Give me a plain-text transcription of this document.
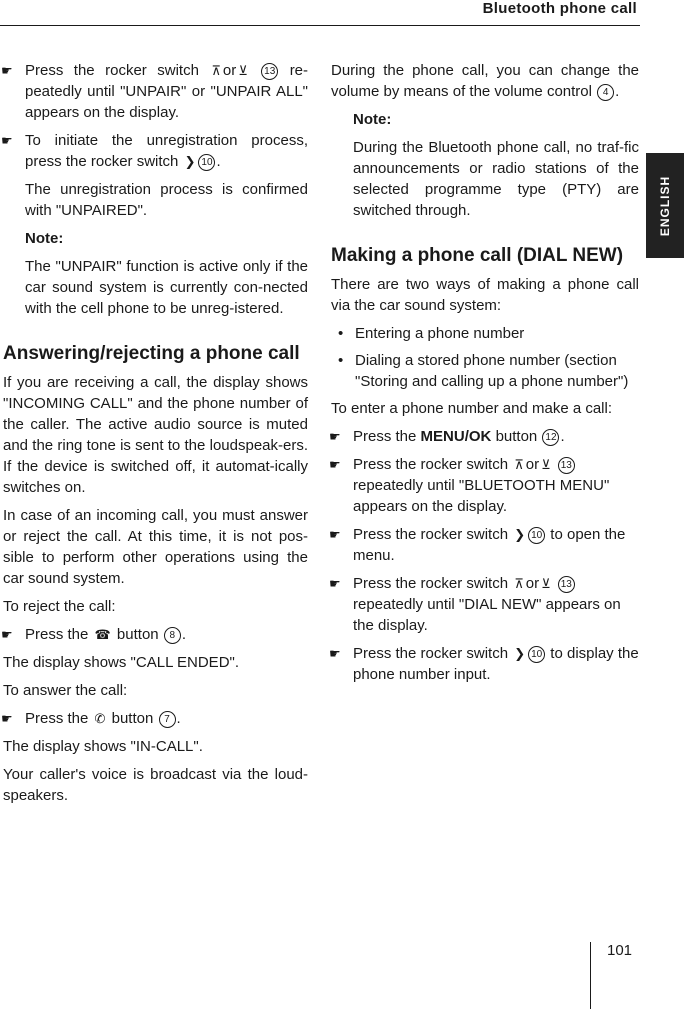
Bluetooth phone call
ENGLISH
☛ Press the rocker switch ⊼ or ⊻ 13 re-peatedly until "UNPAIR" or "UNPAIR ALL" appears on the display.
☛ To initiate the unregistration process, press the rocker switch ❯ 10 .

The unregistration process is confirmed with "UNPAIRED".

Note:

The "UNPAIR" function is active only if the car sound system is currently con-nected with the cell phone to be unreg-istered.

Answering/rejecting a phone call

If you are receiving a call, the display shows "INCOMING CALL" and the phone number of the caller. The active audio source is muted and the ring tone is sent to the loudspeak-ers. If the device is switched off, it automat-ically switches on.

In case of an incoming call, you must answer or reject the call. At this time, it is not pos-sible to perform other operations using the car sound system.

To reject the call:

☛ Press the ☎ button 8 .

The display shows "CALL ENDED".

To answer the call:

☛ Press the ✆ button 7 .

The display shows "IN-CALL".

Your caller's voice is broadcast via the loud-speakers.

During the phone call, you can change the volume by means of the volume control 4 .

Note:

During the Bluetooth phone call, no traf-fic announcements or radio stations of the selected programme type (PTY) are switched through.

Making a phone call (DIAL NEW)

There are two ways of making a phone call via the car sound system:

• Entering a phone number
• Dialing a stored phone number (section "Storing and calling up a phone number")

To enter a phone number and make a call:

☛ Press the MENU/OK button 12 .
☛ Press the rocker switch ⊼ or ⊻ 13 repeatedly until "BLUETOOTH MENU" appears on the display.
☛ Press the rocker switch ❯ 10 to open the menu.
☛ Press the rocker switch ⊼ or ⊻ 13 repeatedly until "DIAL NEW" appears on the display.
☛ Press the rocker switch ❯ 10 to display the phone number input.
101
